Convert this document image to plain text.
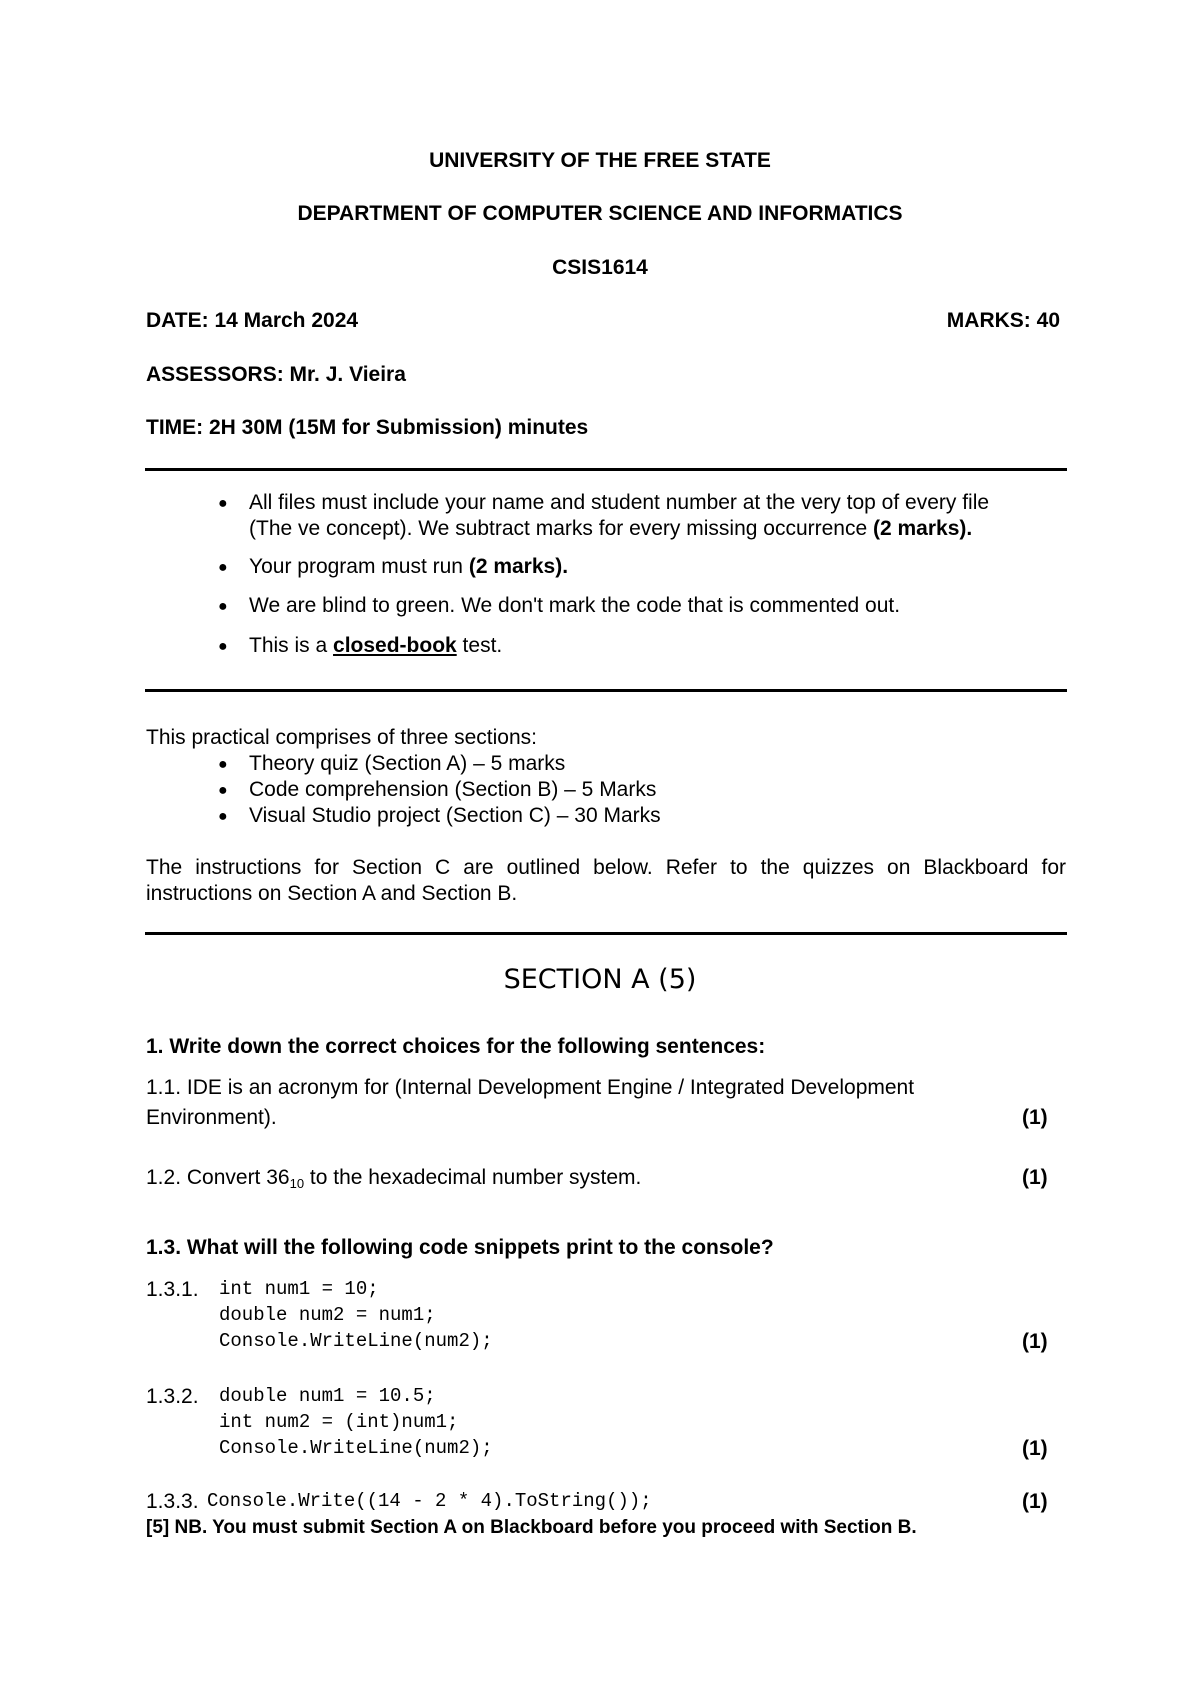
UNIVERSITY OF THE FREE STATE
DEPARTMENT OF COMPUTER SCIENCE AND INFORMATICS
CSIS1614
DATE: 14 March 2024	MARKS: 40
ASSESSORS: Mr. J. Vieira
TIME: 2H 30M (15M for Submission) minutes
● All files must include your name and student number at the very top of every file
(The ve concept). We subtract marks for every missing occurrence (2 marks).
● Your program must run (2 marks).
● We are blind to green. We don't mark the code that is commented out.
● This is a closed-book test.
This practical comprises of three sections:
● Theory quiz (Section A) – 5 marks
● Code comprehension (Section B) – 5 Marks
● Visual Studio project (Section C) – 30 Marks
The instructions for Section C are outlined below. Refer to the quizzes on Blackboard for
instructions on Section A and Section B.
SECTION A (5)
1. Write down the correct choices for the following sentences:
1.1. IDE is an acronym for (Internal Development Engine / Integrated Development
Environment).	(1)
1.2. Convert 3610 to the hexadecimal number system.	(1)
1.3. What will the following code snippets print to the console?
1.3.1. int num1 = 10;
double num2 = num1;
Console.WriteLine(num2);	(1)
1.3.2. double num1 = 10.5;
int num2 = (int)num1;
Console.WriteLine(num2);	(1)
1.3.3. Console.Write((14 - 2 * 4).ToString());	(1)
[5] NB. You must submit Section A on Blackboard before you proceed with Section B.
